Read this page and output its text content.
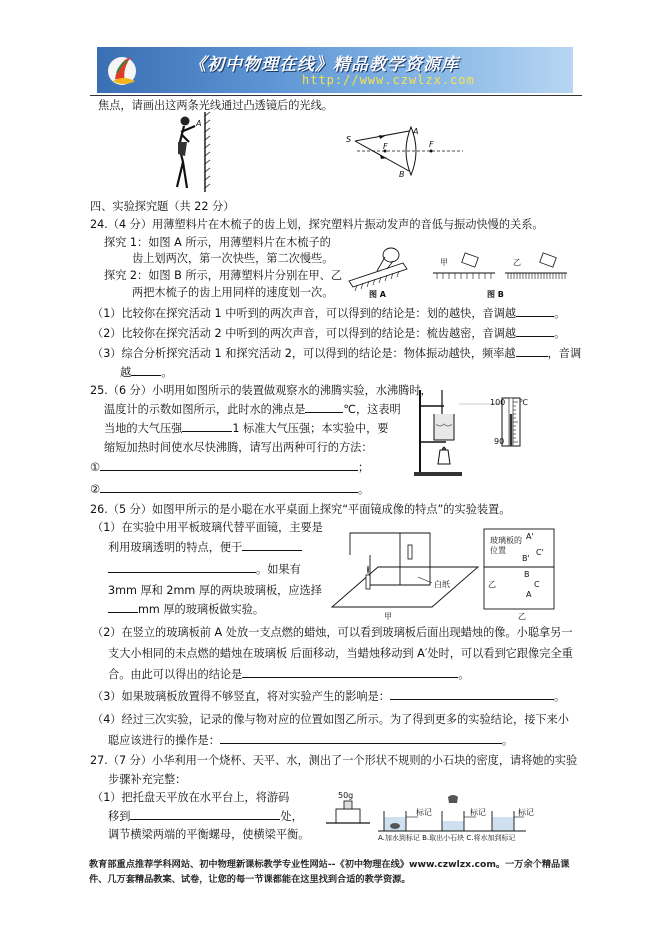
《初中物理在线》精品教学资源库
http://www.czwlzx.com
焦点，请画出这两条光线通过凸透镜后的光线。
A
S
F
A
F
B
四、实验探究题（共 22 分）
24.（4 分）用薄塑料片在木梳子的齿上划，探究塑料片振动发声的音低与振动快慢的关系。
探究 1：如图 A 所示，用薄塑料片在木梳子的
齿上划两次，第一次快些，第二次慢些。
探究 2：如图 B 所示，用薄塑料片分别在甲、乙
两把木梳子的齿上用同样的速度划一次。	图 A
甲	乙
图 B
（1）比较你在探究活动 1 中听到的两次声音，可以得到的结论是：划的越快，音调越	。
（2）比较你在探究活动 2 中听到的两次声音，可以得到的结论是：梳齿越密，音调越	。
（3）综合分析探究活动 1 和探究活动 2，可以得到的结论是：物体振动越快，频率越	，音调
越	。
25.（6 分）小明用如图所示的装置做观察水的沸腾实验，水沸腾时，
温度计的示数如图所示，此时水的沸点是	℃，这表明
当地的大气压强	1 标准大气压强；本实验中，要
缩短加热时间使水尽快沸腾，请写出两种可行的方法：
①	；
②	。
100
90
℃
26.（5 分）如图甲所示的是小聪在水平桌面上探究“平面镜成像的特点”的实验装置。
（1）在实验中用平板玻璃代替平面镜，主要是
利用玻璃透明的特点，便于
。如果有
3mm 厚和 2mm 厚的两块玻璃板，应选择
mm 厚的玻璃板做实验。
白纸
甲
玻璃板的
位置
A'
C'
B'
B
C
A
乙
乙
（2）在竖立的玻璃板前 A 处放一支点燃的蜡烛，可以看到玻璃板后面出现蜡烛的像。小聪拿另一
支大小相同的未点燃的蜡烛在玻璃板 后面移动，当蜡烛移动到 A′处时，可以看到它跟像完全重
合。由此可以得出的结论是	。
（3）如果玻璃板放置得不够竖直，将对实验产生的影响是：	。
（4）经过三次实验，记录的像与物对应的位置如图乙所示。为了得到更多的实验结论，接下来小
聪应该进行的操作是：	。
27.（7 分）小华利用一个烧杯、天平、水，测出了一个形状不规则的小石块的密度，请将她的实验
步骤补充完整：
（1）把托盘天平放在水平台上，将游码
移到	处，
调节横梁两端的平衡螺母，使横梁平衡。
50g
标记	标记	标记
A.加水到标记 B.取出小石块 C.将水加到标记
教育部重点推荐学科网站、初中物理新课标教学专业性网站--《初中物理在线》www.czwlzx.com。一万余个精品课
件、几万套精品教案、试卷，让您的每一节课都能在这里找到合适的教学资源。
